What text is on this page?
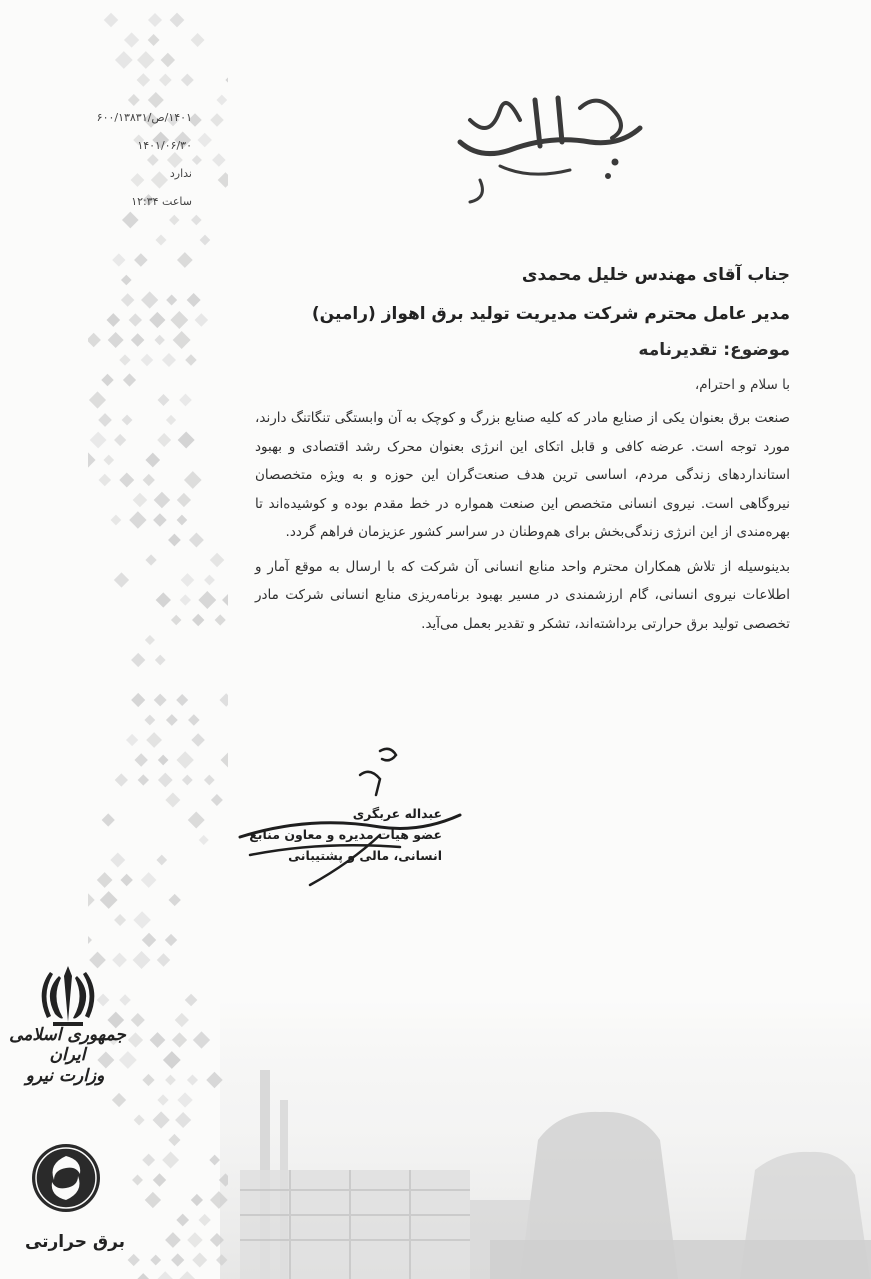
۱۴۰۱/ص/۶۰۰/۱۳۸۳۱
۱۴۰۱/۰۶/۳۰
ندارد
ساعت ۱۲:۳۴
جناب آقای مهندس خلیل محمدی
مدیر عامل محترم شرکت مدیریت تولید برق اهواز (رامین)
موضوع: تقدیرنامه
با سلام و احترام،
صنعت برق بعنوان یکی از صنایع مادر که کلیه صنایع بزرگ و کوچک به آن وابستگی تنگاتنگ دارند، مورد توجه است. عرضه کافی و قابل اتکای این انرژی بعنوان محرک رشد اقتصادی و بهبود استانداردهای زندگی مردم، اساسی ترین هدف صنعت‌گران این حوزه و به ویژه متخصصان نیروگاهی است. نیروی انسانی متخصص این صنعت همواره در خط مقدم بوده و کوشیده‌اند تا بهره‌مندی از این انرژی زندگی‌بخش برای هم‌وطنان در سراسر کشور عزیزمان فراهم گردد.
بدینوسیله از تلاش همکاران محترم واحد منابع انسانی آن شرکت که با ارسال به موقع آمار و اطلاعات نیروی انسانی، گام ارزشمندی در مسیر بهبود برنامه‌ریزی منابع انسانی شرکت مادر تخصصی تولید برق حرارتی برداشته‌اند، تشکر و تقدیر بعمل می‌آید.
عبداله عربگری
عضو هیات مدیره و معاون منابع
انسانی، مالی و پشتیبانی
جمهوری اسلامی ایران
وزارت نیرو
برق حرارتی
